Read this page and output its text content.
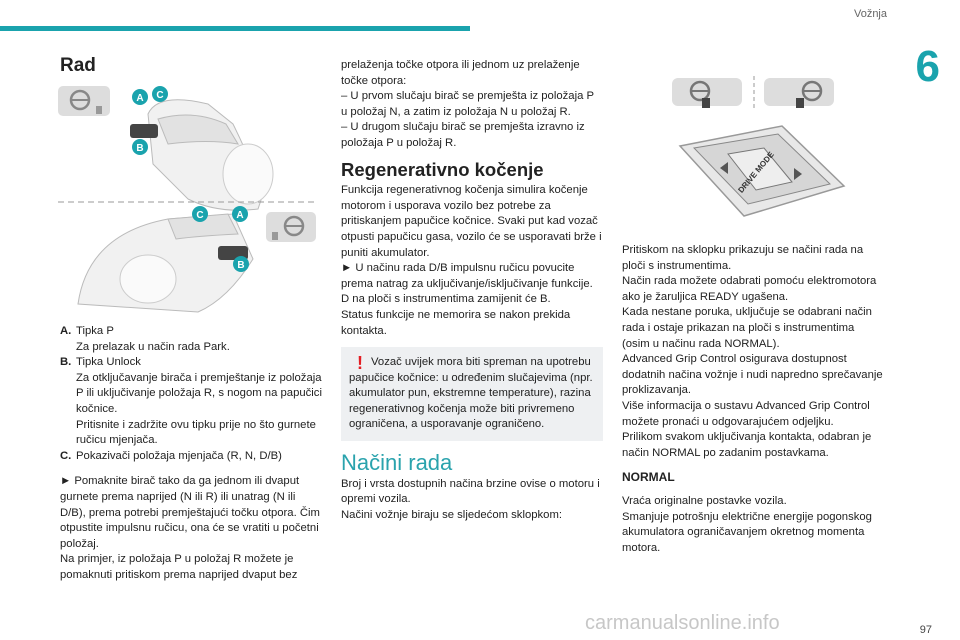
Vožnja
6
Rad
A C
B
C	A
B
A. Tipka P
Za prelazak u način rada Park.
B. Tipka Unlock
Za otključavanje birača i premještanje iz položaja P ili uključivanje položaja R, s nogom na papučici kočnice.
Pritisnite i zadržite ovu tipku prije no što gurnete ručicu mjenjača.
C. Pokazivači položaja mjenjača (R, N, D/B)

► Pomaknite birač tako da ga jednom ili dvaput gurnete prema naprijed (N ili R) ili unatrag (N ili D/B), prema potrebi premještajući točku otpora. Čim otpustite impulsnu ručicu, ona će se vratiti u početni položaj.

Na primjer, iz položaja P u položaj R možete je pomaknuti pritiskom prema naprijed dvaput bez

prelaženja točke otpora ili jednom uz prelaženje točke otpora:

– U prvom slučaju birač se premješta iz položaja P u položaj N, a zatim iz položaja N u položaj R.

– U drugom slučaju birač se premješta izravno iz položaja P u položaj R.

Regenerativno kočenje

Funkcija regenerativnog kočenja simulira kočenje motorom i usporava vozilo bez potrebe za pritiskanjem papučice kočnice. Svaki put kad vozač otpusti papučicu gasa, vozilo će se usporavati brže i puniti akumulator.

► U načinu rada D/B impulsnu ručicu povucite prema natrag za uključivanje/isključivanje funkcije.

D na ploči s instrumentima zamijenit će B.

Status funkcije ne memorira se nakon prekida kontakta.

! Vozač uvijek mora biti spreman na upotrebu papučice kočnice: u određenim slučajevima (npr. akumulator pun, ekstremne temperature), razina regenerativnog kočenja može biti privremeno ograničena, a usporavanje ograničeno.

Načini rada

Broj i vrsta dostupnih načina brzine ovise o motoru i opremi vozila.

Načini vožnje biraju se sljedećom sklopkom:

DRIVE MODE

Pritiskom na sklopku prikazuju se načini rada na ploči s instrumentima.

Način rada možete odabrati pomoću elektromotora ako je žaruljica READY ugašena.

Kada nestane poruka, uključuje se odabrani način rada i ostaje prikazan na ploči s instrumentima (osim u načinu rada NORMAL).

Advanced Grip Control osigurava dostupnost dodatnih načina vožnje i nudi napredno sprečavanje proklizavanja.

Više informacija o sustavu Advanced Grip Control možete pronaći u odgovarajućem odjeljku.

Prilikom svakom uključivanja kontakta, odabran je način NORMAL po zadanim postavkama.

NORMAL

Vraća originalne postavke vozila.

Smanjuje potrošnju električne energije pogonskog akumulatora ograničavanjem okretnog momenta motora.

carmanualsonline.info	97
